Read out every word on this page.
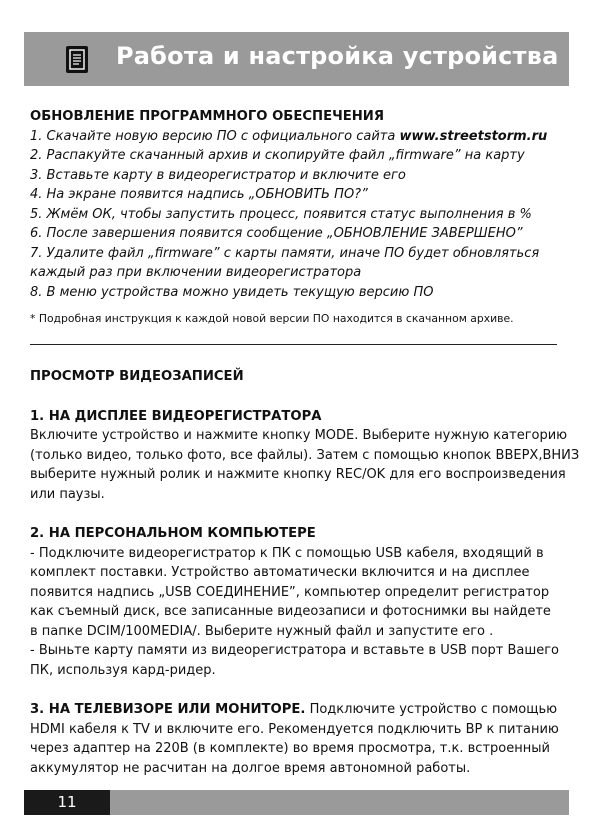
Работа и настройка устройства

ОБНОВЛЕНИЕ ПРОГРАММНОГО ОБЕСПЕЧЕНИЯ

1. Скачайте новую версию ПО с официального сайта www.streetstorm.ru

2. Распакуйте скачанный архив и скопируйте файл „firmware” на карту

3. Вставьте карту в видеорегистратор и включите его

4. На экране появится надпись „ОБНОВИТЬ ПО?”

5. Жмём ОК, чтобы запустить процесс, появится статус выполнения в %

6. После завершения появится сообщение „ОБНОВЛЕНИЕ ЗАВЕРШЕНО”

7. Удалите файл „firmware” с карты памяти, иначе ПО будет обновляться

каждый раз при включении видеорегистратора

8. В меню устройства можно увидеть текущую версию ПО

* Подробная инструкция к каждой новой версии ПО находится в скачанном архиве.

ПРОСМОТР ВИДЕОЗАПИСЕЙ

1. НА ДИСПЛЕЕ ВИДЕОРЕГИСТРАТОРА

Включите устройство и нажмите кнопку MODE. Выберите нужную категорию

(только видео, только фото, все файлы). Затем с помощью кнопок ВВЕРХ,ВНИЗ

выберите нужный ролик и нажмите кнопку REC/OK для его воспроизведения

или паузы.

2. НА ПЕРСОНАЛЬНОМ КОМПЬЮТЕРЕ

- Подключите видеорегистратор к ПК с помощью USB кабеля, входящий в

комплект поставки. Устройство автоматически включится и на дисплее

появится надпись „USB СОЕДИНЕНИЕ”, компьютер определит регистратор

как съемный диск, все записанные видеозаписи и фотоснимки вы найдете

в папке DCIM/100MEDIA/. Выберите нужный файл и запустите его .

- Выньте карту памяти из видеорегистратора и вставьте в USB порт Вашего

ПК, используя кард-ридер.

3. НА ТЕЛЕВИЗОРЕ ИЛИ МОНИТОРЕ. Подключите устройство с помощью

HDMI кабеля к TV и включите его. Рекомендуется подключить ВР к питанию

через адаптер на 220В (в комплекте) во время просмотра, т.к. встроенный

аккумулятор не расчитан на долгое время автономной работы.

11
